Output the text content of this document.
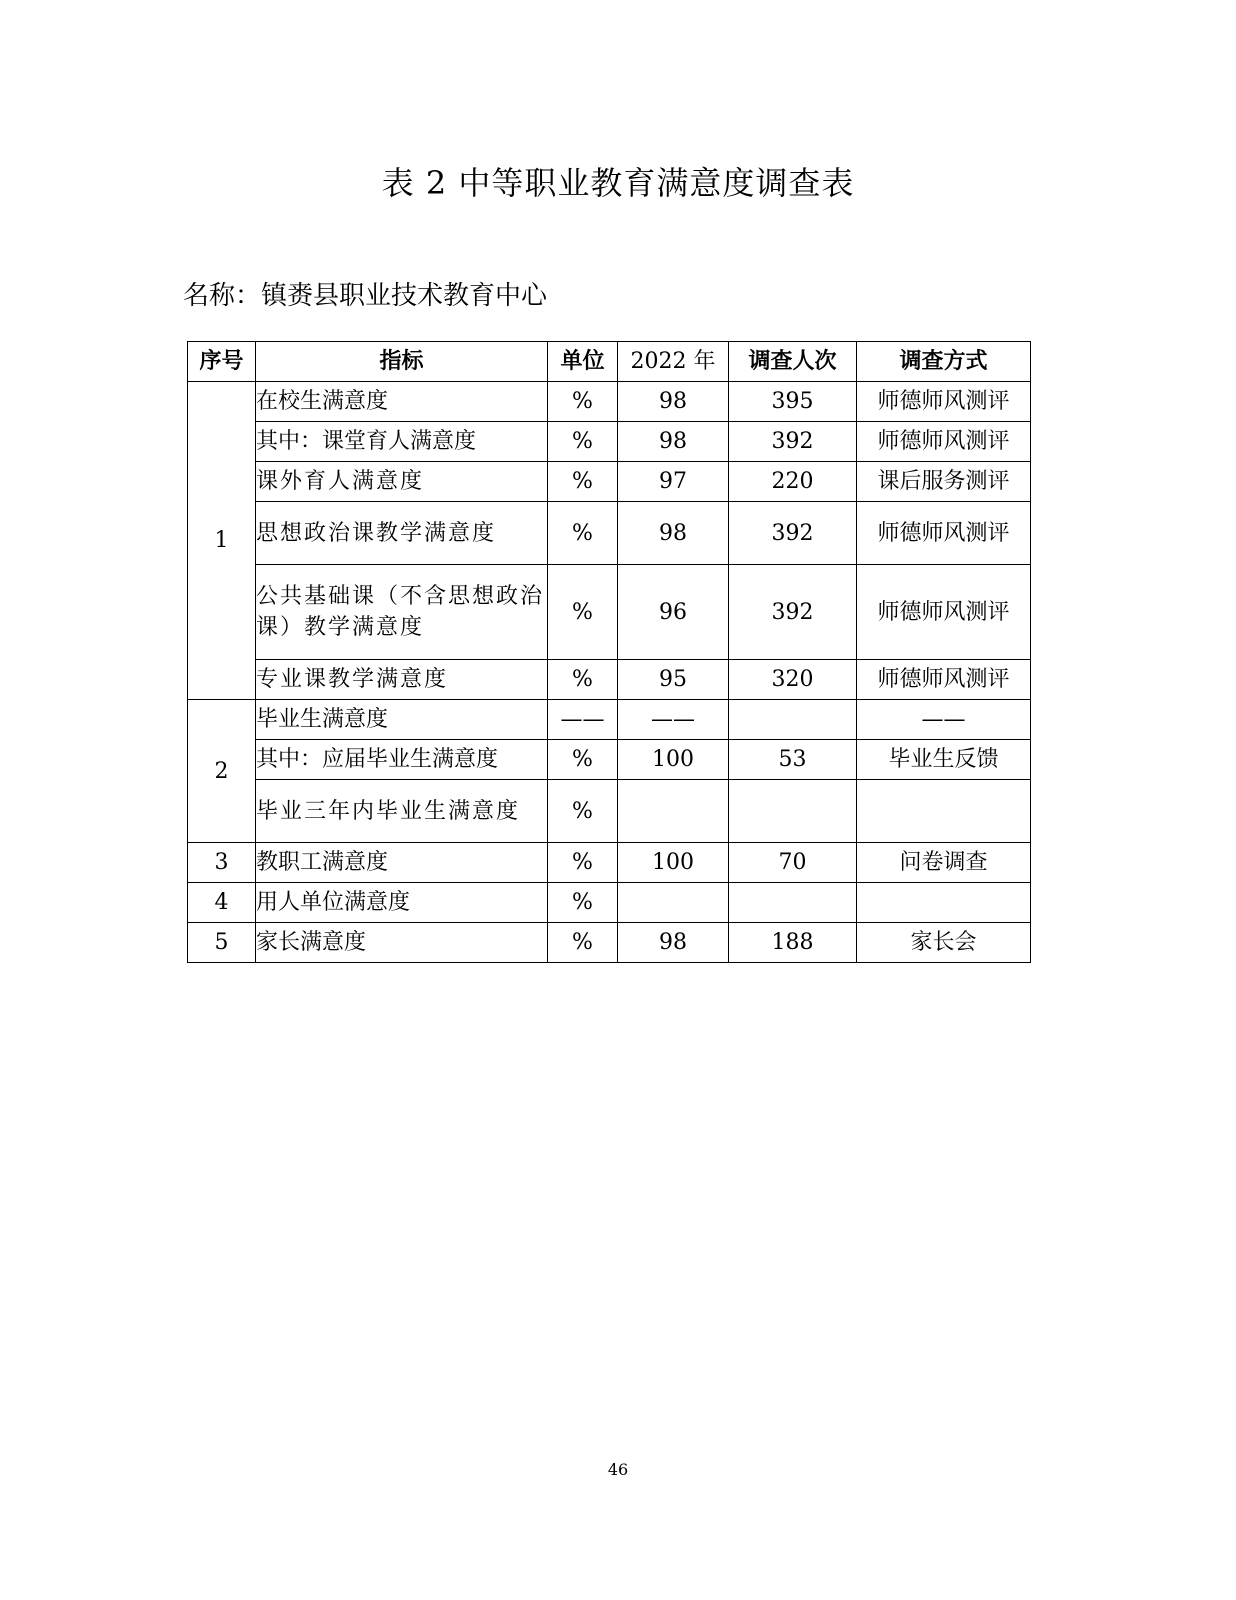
表 2 中等职业教育满意度调查表
名称：镇赉县职业技术教育中心
序号	指标	单位	2022 年	调查人次	调查方式
1	在校生满意度	%	98	395	师德师风测评
	其中：课堂育人满意度	%	98	392	师德师风测评
	课外育人满意度	%	97	220	课后服务测评
	思想政治课教学满意度	%	98	392	师德师风测评
	公共基础课（不含思想政治课）教学满意度	%	96	392	师德师风测评
	专业课教学满意度	%	95	320	师德师风测评
2	毕业生满意度	——	——		——
	其中：应届毕业生满意度	%	100	53	毕业生反馈
	毕业三年内毕业生满意度	%			
3	教职工满意度	%	100	70	问卷调查
4	用人单位满意度	%			
5	家长满意度	%	98	188	家长会
46
